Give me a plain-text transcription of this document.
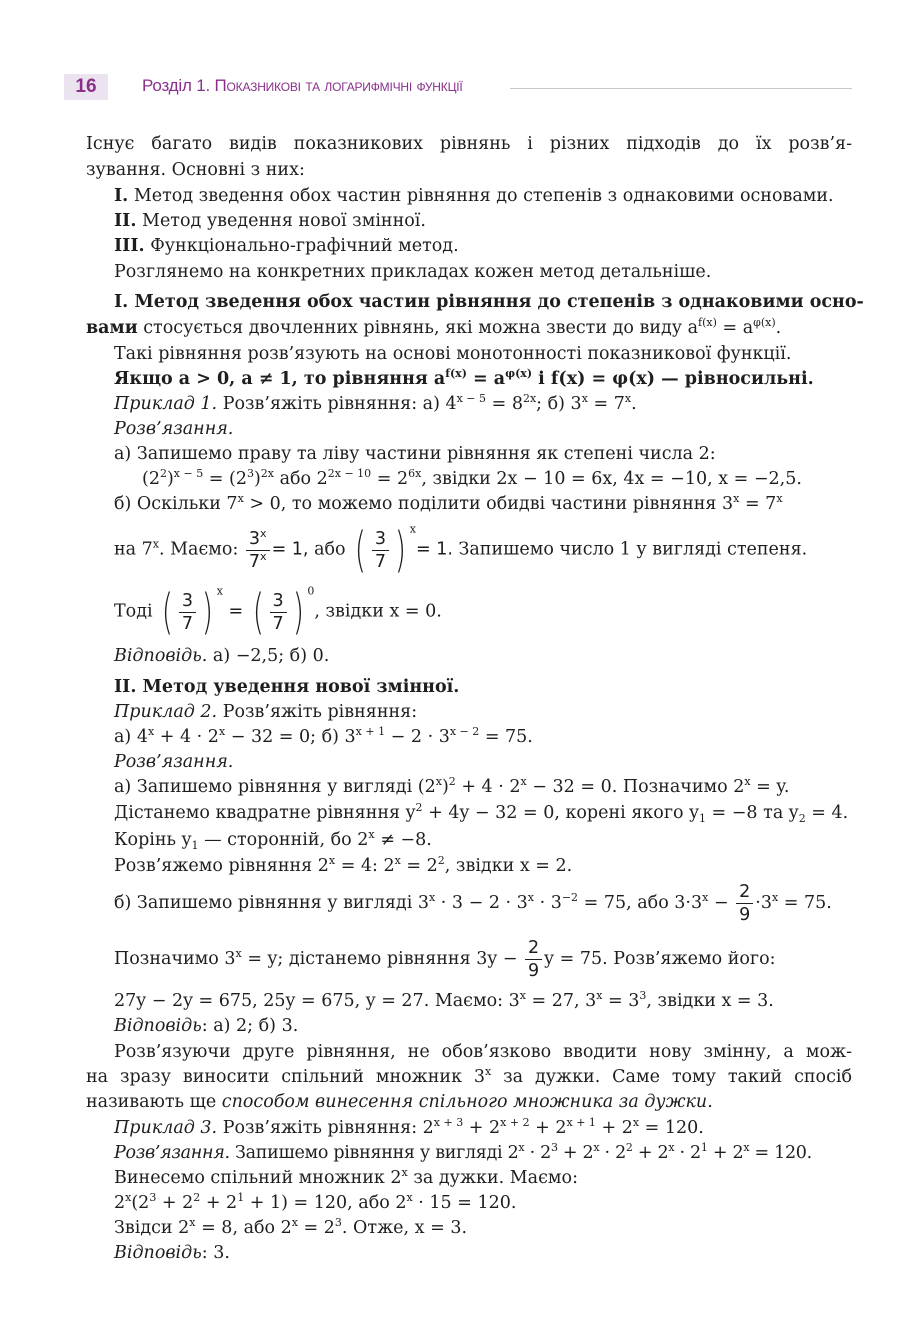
16	Розділ 1. Показникові та логарифмічні функції
Існує багато видів показникових рівнянь і різних підходів до їх розв’я-
зування. Основні з них:
I. Метод зведення обох частин рівняння до степенів з однаковими основами.
II. Метод уведення нової змінної.
III. Функціонально-графічний метод.
Розглянемо на конкретних прикладах кожен метод детальніше.
I. Метод зведення обох частин рівняння до степенів з однаковими осно-
вами стосується двочленних рівнянь, які можна звести до виду $a^{f(x)} = a^{\varphi(x)}$.
Такі рівняння розв’язують на основі монотонності показникової функції.
Якщо a > 0, a ≠ 1, то рівняння $a^{f(x)} = a^{\varphi(x)}$ і f(x) = φ(x) — рівносильні.
Приклад 1. Розв’яжіть рівняння: а) $4^{x - 5} = 8^{2x}$; б) $3^x = 7^x$.
Розв’язання.
а) Запишемо праву та ліву частини рівняння як степені числа 2:
$(2^2)^{x - 5} = (2^3)^{2x}$ або $2^{2x - 10} = 2^{6x}$, звідки 2x − 10 = 6x, 4x = −10, x = −2,5.
б) Оскільки $7^x > 0$, то можемо поділити обидві частини рівняння $3^x = 7^x$
на 7$^x$. Маємо: $\frac{3^x}{7^x} = 1$, або ( $\frac{3}{7}$ ) $^x$= 1. Запишемо число 1 у вигляді степеня.
Тоді ( $\frac{3}{7}$ ) $^x$ = ( $\frac{3}{7}$ ) $^0$, звідки x = 0.
Відповідь. а) −2,5; б) 0.
II. Метод уведення нової змінної.
Приклад 2. Розв’яжіть рівняння:
а) $4^x + 4 \cdot 2^x - 32 = 0$; б) $3^{x + 1} - 2 \cdot 3^{x - 2} = 75$.
Розв’язання.
а) Запишемо рівняння у вигляді $(2^x)^2 + 4 \cdot 2^x - 32 = 0$. Позначимо $2^x = y$.
Дістанемо квадратне рівняння $y^2 + 4y - 32 = 0$, корені якого $y_1 = -8$ та $y_2 = 4$.
Корінь $y_1$ — сторонній, бо $2^x \ne -8$.
Розв’яжемо рівняння $2^x = 4$: $2^x = 2^2$, звідки x = 2.
б) Запишемо рівняння у вигляді $3^x \cdot 3 - 2 \cdot 3^x \cdot 3^{-2} = 75$, або $3\cdot 3^x - \frac{2}{9} \cdot 3^x = 75$.
Позначимо $3^x = y$; дістанемо рівняння $3y - \frac{2}{9}$ y = 75. Розв’яжемо його:
27y − 2y = 675, 25y = 675, y = 27. Маємо: $3^x = 27$, $3^x = 3^3$, звідки x = 3.
Відповідь: а) 2; б) 3.
Розв’язуючи друге рівняння, не обов’язково вводити нову змінну, а мож-
на зразу виносити спільний множник 3$^x$ за дужки. Саме тому такий спосіб
називають ще способом винесення спільного множника за дужки.
Приклад 3. Розв’яжіть рівняння: $2^{x + 3} + 2^{x + 2} + 2^{x + 1} + 2^x = 120$.
Розв’язання. Запишемо рівняння у вигляді $2^x \cdot 2^3 + 2^x \cdot 2^2 + 2^x \cdot 2^1 + 2^x = 120$.
Винесемо спільний множник 2$^x$ за дужки. Маємо:
$2^x(2^3 + 2^2 + 2^1 + 1) = 120$, або $2^x \cdot 15 = 120$.
Звідси $2^x = 8$, або $2^x = 2^3$. Отже, x = 3.
Відповідь: 3.
